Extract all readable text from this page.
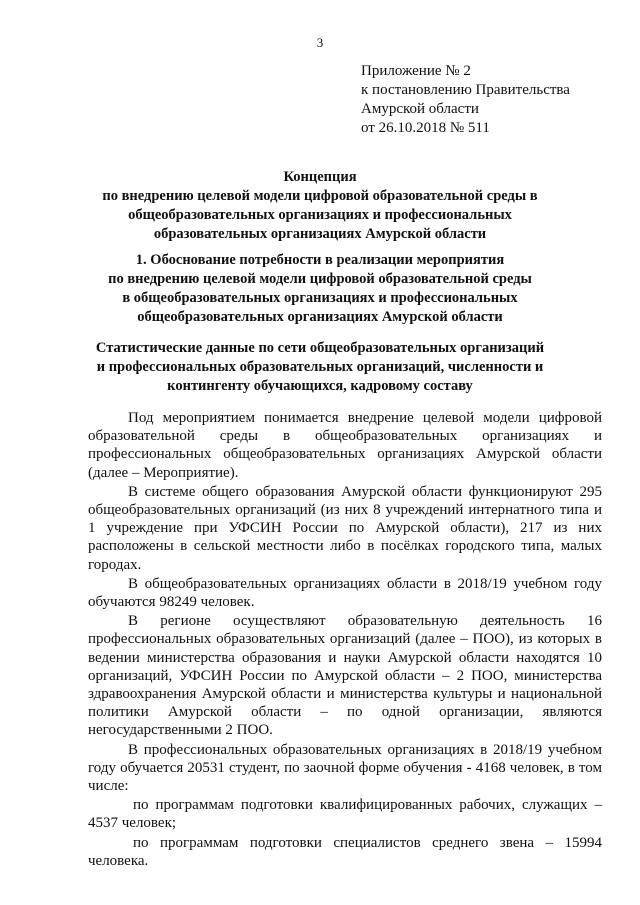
3
Приложение № 2
к постановлению Правительства
Амурской области
от 26.10.2018 № 511
Концепция
по внедрению целевой модели цифровой образовательной среды в
общеобразовательных организациях и профессиональных
образовательных организациях Амурской области
1. Обоснование потребности в реализации мероприятия
по внедрению целевой модели цифровой образовательной среды
в общеобразовательных организациях и профессиональных
общеобразовательных организациях Амурской области
Статистические данные по сети общеобразовательных организаций
и профессиональных образовательных организаций, численности и
контингенту обучающихся, кадровому составу

Под мероприятием понимается внедрение целевой модели цифровой образовательной среды в общеобразовательных организациях и профессиональных общеобразовательных организациях Амурской области (далее – Мероприятие).

В системе общего образования Амурской области функционируют 295 общеобразовательных организаций (из них 8 учреждений интернатного типа и 1 учреждение при УФСИН России по Амурской области), 217 из них расположены в сельской местности либо в посёлках городского типа, малых городах.

В общеобразовательных организациях области в 2018/19 учебном году обучаются 98249 человек.

В регионе осуществляют образовательную деятельность 16 профессиональных образовательных организаций (далее – ПОО), из которых в ведении министерства образования и науки Амурской области находятся 10 организаций, УФСИН России по Амурской области – 2 ПОО, министерства здравоохранения Амурской области и министерства культуры и национальной политики Амурской области – по одной организации, являются негосударственными 2 ПОО.

В профессиональных образовательных организациях в 2018/19 учебном году обучается 20531 студент, по заочной форме обучения - 4168 человек, в том числе:

по программам подготовки квалифицированных рабочих, служащих – 4537 человек;

по программам подготовки специалистов среднего звена – 15994 человека.
